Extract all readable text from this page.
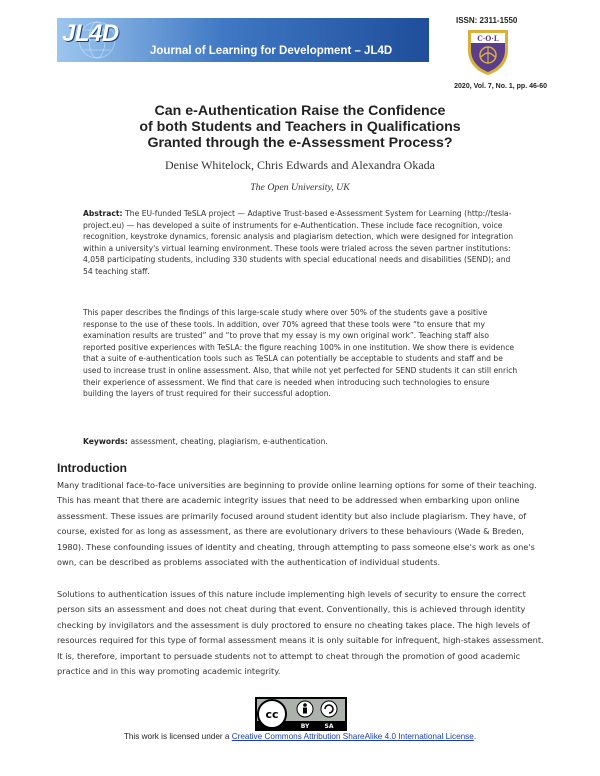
JL4D
Journal of Learning for Development – JL4D
ISSN: 2311-1550
C·O·L
2020, Vol. 7, No. 1, pp. 46-60
Can e-Authentication Raise the Confidence
of both Students and Teachers in Qualifications
Granted through the e-Assessment Process?
Denise Whitelock, Chris Edwards and Alexandra Okada
The Open University, UK
Abstract: The EU-funded TeSLA project — Adaptive Trust-based e-Assessment System for Learning (http://tesla-project.eu) — has developed a suite of instruments for e-Authentication. These include face recognition, voice recognition, keystroke dynamics, forensic analysis and plagiarism detection, which were designed for integration within a university's virtual learning environment. These tools were trialed across the seven partner institutions: 4,058 participating students, including 330 students with special educational needs and disabilities (SEND); and 54 teaching staff.
This paper describes the findings of this large-scale study where over 50% of the students gave a positive response to the use of these tools. In addition, over 70% agreed that these tools were “to ensure that my examination results are trusted” and “to prove that my essay is my own original work”. Teaching staff also reported positive experiences with TeSLA: the figure reaching 100% in one institution. We show there is evidence that a suite of e-authentication tools such as TeSLA can potentially be acceptable to students and staff and be used to increase trust in online assessment. Also, that while not yet perfected for SEND students it can still enrich their experience of assessment. We find that care is needed when introducing such technologies to ensure building the layers of trust required for their successful adoption.
Keywords: assessment, cheating, plagiarism, e-authentication.
Introduction
Many traditional face-to-face universities are beginning to provide online learning options for some of their teaching. This has meant that there are academic integrity issues that need to be addressed when embarking upon online assessment. These issues are primarily focused around student identity but also include plagiarism. They have, of course, existed for as long as assessment, as there are evolutionary drivers to these behaviours (Wade & Breden, 1980). These confounding issues of identity and cheating, through attempting to pass someone else's work as one's own, can be described as problems associated with the authentication of individual students.
Solutions to authentication issues of this nature include implementing high levels of security to ensure the correct person sits an assessment and does not cheat during that event. Conventionally, this is achieved through identity checking by invigilators and the assessment is duly proctored to ensure no cheating takes place. The high levels of resources required for this type of formal assessment means it is only suitable for infrequent, high-stakes assessment. It is, therefore, important to persuade students not to attempt to cheat through the promotion of good academic practice and in this way promoting academic integrity.
cc
BY	SA
This work is licensed under a Creative Commons Attribution ShareAlike 4.0 International License.
